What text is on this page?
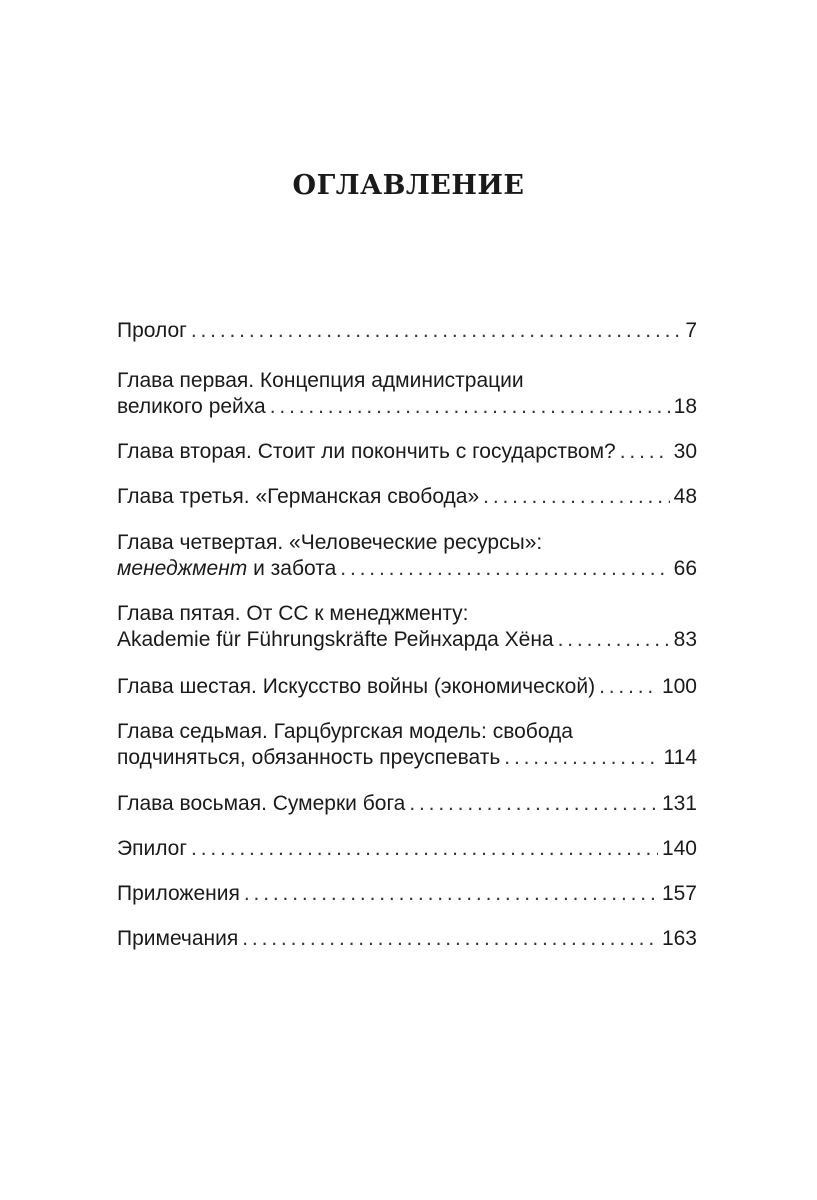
ОГЛАВЛЕНИЕ
Пролог . . .	7
Глава первая. Концепция администрации
великого рейха . . .	18
Глава вторая. Стоит ли покончить с государством? . . .	30
Глава третья. «Германская свобода» . . .	48
Глава четвертая. «Человеческие ресурсы»:
менеджмент и забота . . .	66
Глава пятая. От СС к менеджменту:
Akademie für Führungskräfte Рейнхарда Хёна . . .	83
Глава шестая. Искусство войны (экономической) . . .	100
Глава седьмая. Гарцбургская модель: свобода
подчиняться, обязанность преуспевать . . .	114
Глава восьмая. Сумерки бога . . .	131
Эпилог . . .	140
Приложения . . .	157
Примечания . . .	163
